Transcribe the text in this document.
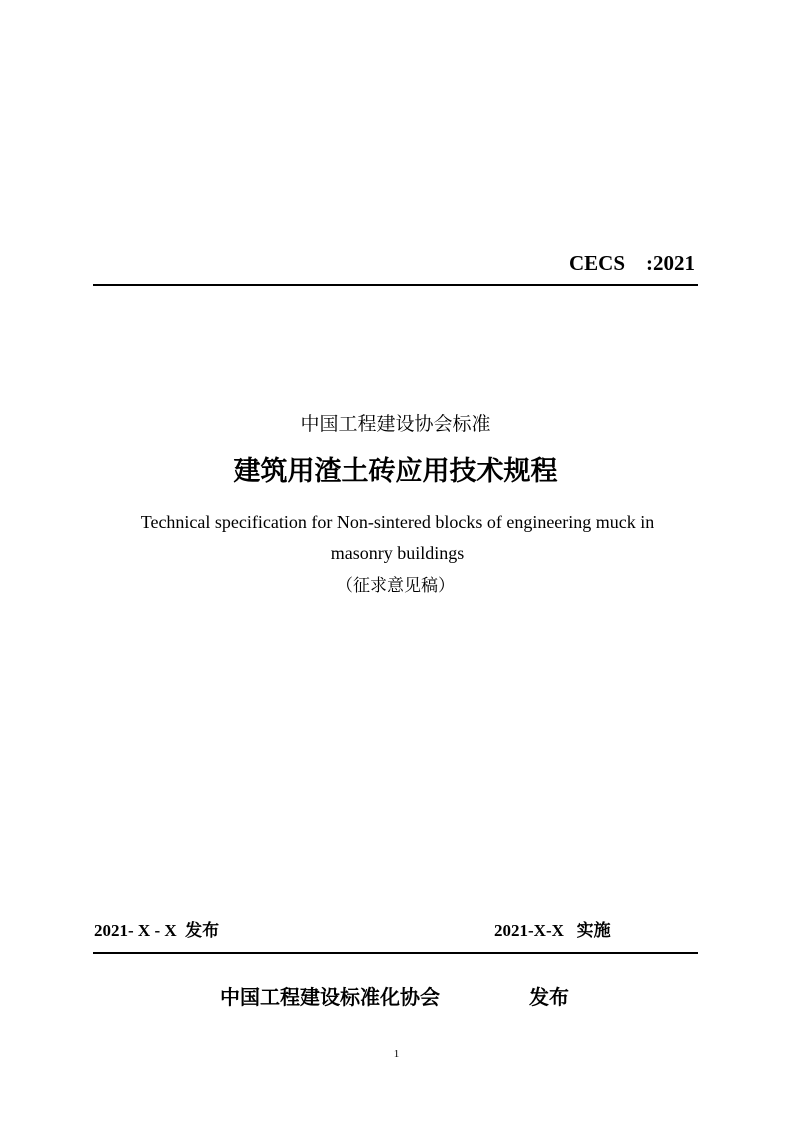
CECS    :2021
中国工程建设协会标准
建筑用渣土砖应用技术规程
Technical specification for Non-sintered blocks of engineering muck in
masonry buildings
（征求意见稿）
2021- X - X 发布	2021-X-X 实施
中国工程建设标准化协会	发布
1
